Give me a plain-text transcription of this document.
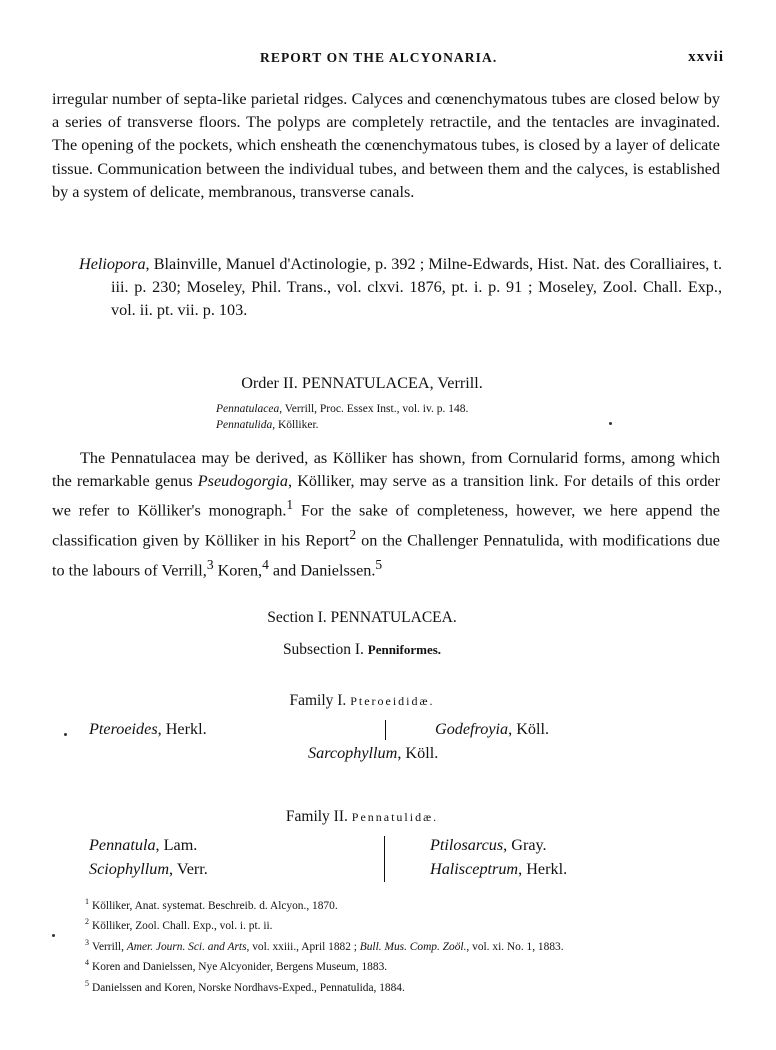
REPORT ON THE ALCYONARIA.	xxvii

irregular number of septa-like parietal ridges. Calyces and cœnenchymatous tubes are closed below by a series of transverse floors. The polyps are completely retractile, and the tentacles are invaginated. The opening of the pockets, which ensheath the cœnenchymatous tubes, is closed by a layer of delicate tissue. Communication between the individual tubes, and between them and the calyces, is established by a system of delicate, membranous, transverse canals.

Heliopora, Blainville, Manuel d'Actinologie, p. 392 ; Milne-Edwards, Hist. Nat. des Coralliaires, t. iii. p. 230; Moseley, Phil. Trans., vol. clxvi. 1876, pt. i. p. 91 ; Moseley, Zool. Chall. Exp., vol. ii. pt. vii. p. 103.

Order II. PENNATULACEA, Verrill.
Pennatulacea, Verrill, Proc. Essex Inst., vol. iv. p. 148.
Pennatulida, Kölliker.

The Pennatulacea may be derived, as Kölliker has shown, from Cornularid forms, among which the remarkable genus Pseudogorgia, Kölliker, may serve as a transition link. For details of this order we refer to Kölliker's monograph.$^1$ For the sake of completeness, however, we here append the classification given by Kölliker in his Report$^2$ on the Challenger Pennatulida, with modifications due to the labours of Verrill,$^3$ Koren,$^4$ and Danielssen.$^5$

Section I. PENNATULACEA.
Subsection I. Penniformes.
Family I. Pteroeididæ.
Pteroeides, Herkl.	Godefroyia, Köll.
Sarcophyllum, Köll.
Family II. Pennatulidæ.
Pennatula, Lam.
Sciophyllum, Verr.
Ptilosarcus, Gray.
Halisceptrum, Herkl.
$^1$ Kölliker, Anat. systemat. Beschreib. d. Alcyon., 1870.
$^2$ Kölliker, Zool. Chall. Exp., vol. i. pt. ii.
$^3$ Verrill, Amer. Journ. Sci. and Arts, vol. xxiii., April 1882 ; Bull. Mus. Comp. Zoöl., vol. xi. No. 1, 1883.
$^4$ Koren and Danielssen, Nye Alcyonider, Bergens Museum, 1883.
$^5$ Danielssen and Koren, Norske Nordhavs-Exped., Pennatulida, 1884.
